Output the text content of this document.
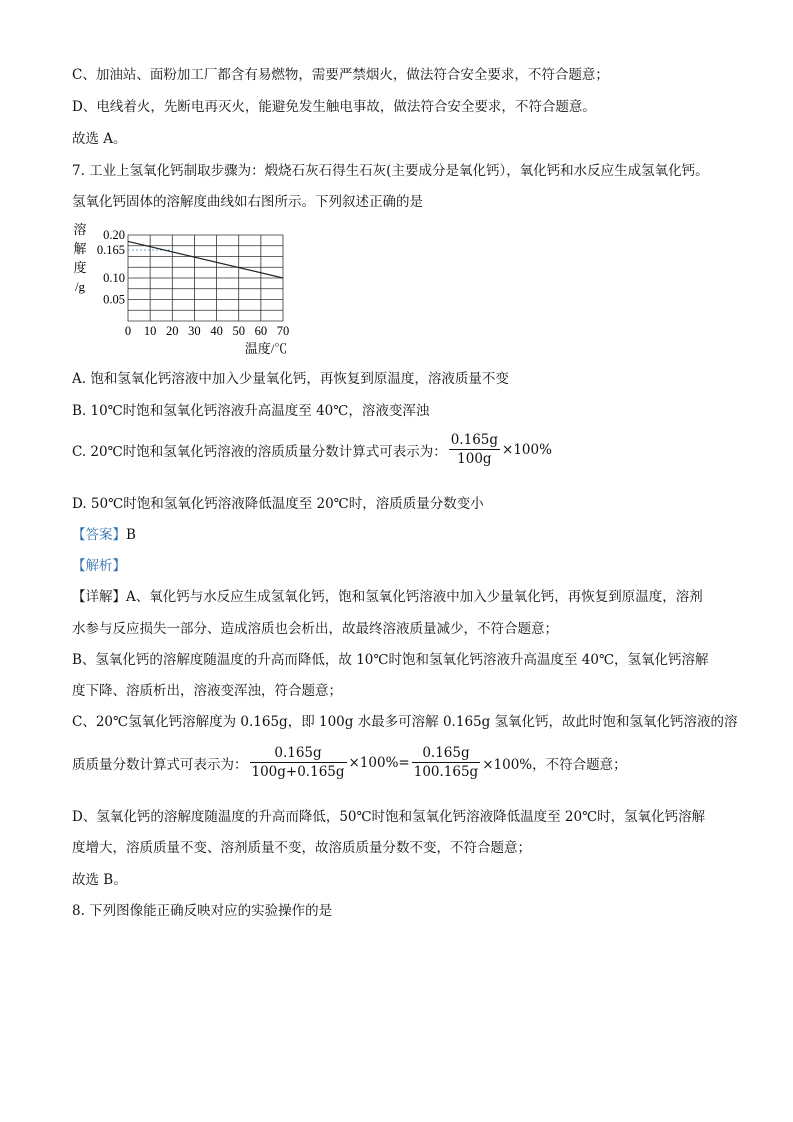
C、加油站、面粉加工厂都含有易燃物，需要严禁烟火，做法符合安全要求，不符合题意；
D、电线着火，先断电再灭火，能避免发生触电事故，做法符合安全要求，不符合题意。
故选 A。
7. 工业上氢氧化钙制取步骤为：煅烧石灰石得生石灰(主要成分是氧化钙），氧化钙和水反应生成氢氧化钙。
氢氧化钙固体的溶解度曲线如右图所示。下列叙述正确的是
溶
解
度
/g
0.20
0.165
0.10
0.05
0 10 20 30 40 50 60 70
温度/℃
A. 饱和氢氧化钙溶液中加入少量氧化钙，再恢复到原温度，溶液质量不变
B. 10℃时饱和氢氧化钙溶液升高温度至 40℃，溶液变浑浊
C. 20℃时饱和氢氧化钙溶液的溶质质量分数计算式可表示为： $\frac{0.165g}{100g} \times 100\%$
D. 50℃时饱和氢氧化钙溶液降低温度至 20℃时，溶质质量分数变小
【答案】B
【解析】
【详解】A、氧化钙与水反应生成氢氧化钙，饱和氢氧化钙溶液中加入少量氧化钙，再恢复到原温度，溶剂
水参与反应损失一部分、造成溶质也会析出，故最终溶液质量减少，不符合题意；
B、氢氧化钙的溶解度随温度的升高而降低，故 10℃时饱和氢氧化钙溶液升高温度至 40℃，氢氧化钙溶解
度下降、溶质析出，溶液变浑浊，符合题意；
C、20℃氢氧化钙溶解度为 0.165g，即 100g 水最多可溶解 0.165g 氢氧化钙，故此时饱和氢氧化钙溶液的溶
质质量分数计算式可表示为： $\frac{0.165g}{100g+0.165g} \times 100\%= \frac{0.165g}{100.165g} \times 100\%$，不符合题意；
D、氢氧化钙的溶解度随温度的升高而降低，50℃时饱和氢氧化钙溶液降低温度至 20℃时，氢氧化钙溶解
度增大，溶质质量不变、溶剂质量不变，故溶质质量分数不变，不符合题意；
故选 B。
8. 下列图像能正确反映对应的实验操作的是
